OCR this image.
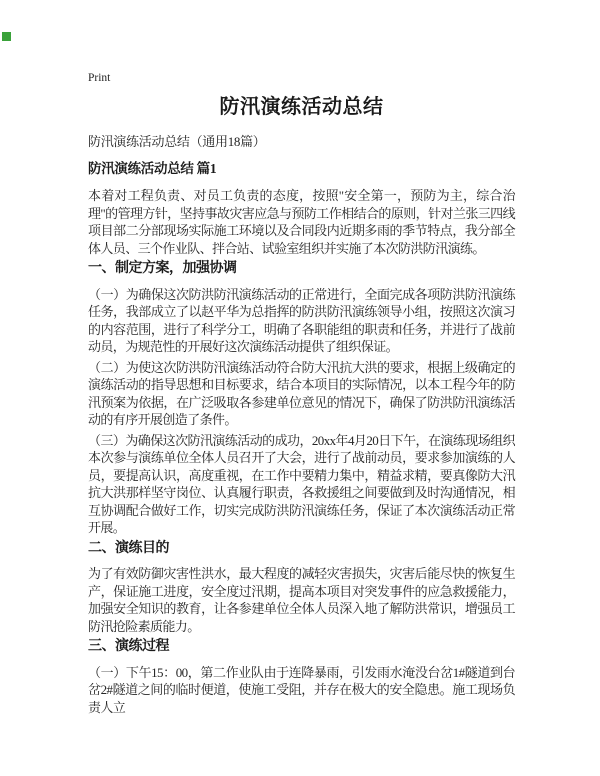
Print
防汛演练活动总结
防汛演练活动总结（通用18篇）
防汛演练活动总结 篇1

本着对工程负责、对员工负责的态度，按照"安全第一，预防为主，综合治理"的管理方针，坚持事故灾害应急与预防工作相结合的原则，针对兰张三四线项目部二分部现场实际施工环境以及合同段内近期多雨的季节特点，我分部全体人员、三个作业队、拌合站、试验室组织并实施了本次防洪防汛演练。

一、制定方案，加强协调

（一）为确保这次防洪防汛演练活动的正常进行，全面完成各项防洪防汛演练任务，我部成立了以赵平华为总指挥的防洪防汛演练领导小组，按照这次演习的内容范围，进行了科学分工，明确了各职能组的职责和任务，并进行了战前动员，为规范性的开展好这次演练活动提供了组织保证。

（二）为使这次防洪防汛演练活动符合防大汛抗大洪的要求，根据上级确定的演练活动的指导思想和目标要求，结合本项目的实际情况，以本工程今年的防汛预案为依据，在广泛吸取各参建单位意见的情况下，确保了防洪防汛演练活动的有序开展创造了条件。

（三）为确保这次防汛演练活动的成功，20xx年4月20日下午，在演练现场组织本次参与演练单位全体人员召开了大会，进行了战前动员，要求参加演练的人员，要提高认识，高度重视，在工作中要精力集中，精益求精，要真像防大汛抗大洪那样坚守岗位、认真履行职责，各救援组之间要做到及时沟通情况，相互协调配合做好工作，切实完成防洪防汛演练任务，保证了本次演练活动正常开展。

二、演练目的

为了有效防御灾害性洪水，最大程度的减轻灾害损失，灾害后能尽快的恢复生产，保证施工进度，安全度过汛期，提高本项目对突发事件的应急救援能力，加强安全知识的教育，让各参建单位全体人员深入地了解防洪常识，增强员工防汛抢险素质能力。

三、演练过程

（一）下午15：00，第二作业队由于连降暴雨，引发雨水淹没台岔1#隧道到台岔2#隧道之间的临时便道，使施工受阻，并存在极大的安全隐患。施工现场负责人立
